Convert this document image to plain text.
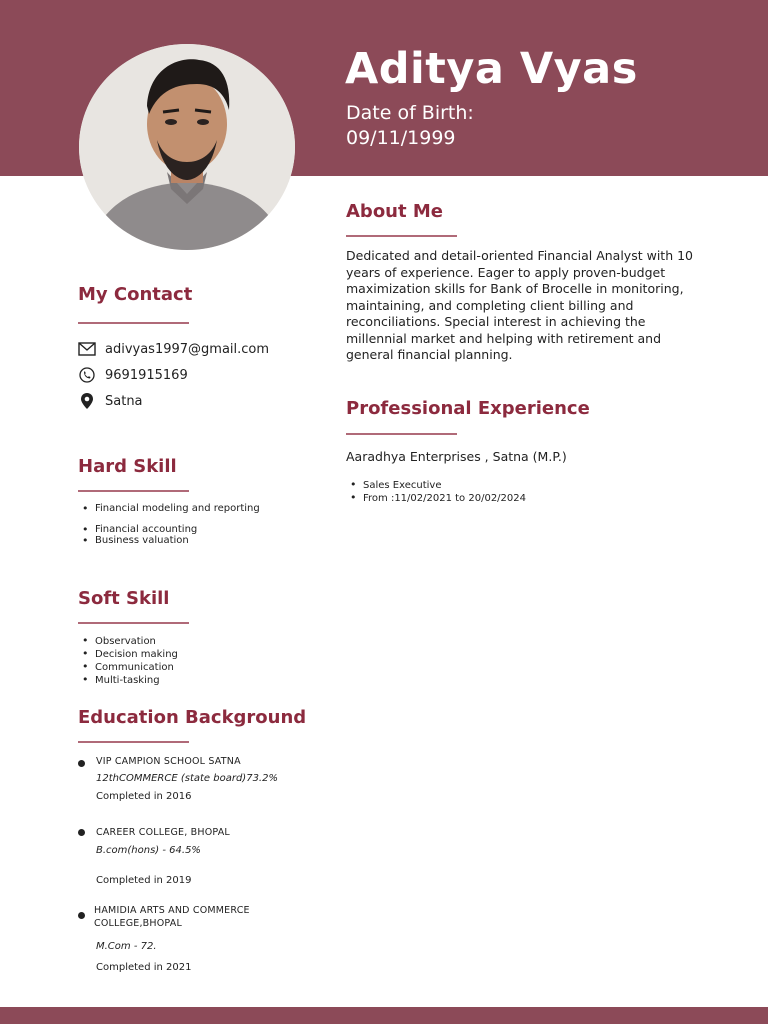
Aditya Vyas
Date of Birth:
09/11/1999
My Contact
adivyas1997@gmail.com
9691915169
Satna
Hard Skill
• Financial modeling and reporting
• Financial accounting
• Business valuation
Soft Skill
• Observation
• Decision making
• Communication
• Multi-tasking
Education Background
VIP CAMPION SCHOOL SATNA
12thCOMMERCE (state board)73.2%
Completed in 2016
CAREER COLLEGE, BHOPAL
B.com(hons) - 64.5%
Completed in 2019
HAMIDIA ARTS AND COMMERCE
COLLEGE,BHOPAL
M.Com - 72.
Completed in 2021
About Me
Dedicated and detail-oriented Financial Analyst with 10 years of experience. Eager to apply proven-budget maximization skills for Bank of Brocelle in monitoring, maintaining, and completing client billing and reconciliations. Special interest in achieving the millennial market and helping with retirement and general financial planning.
Professional Experience
Aaradhya Enterprises , Satna (M.P.)
• Sales Executive
• From :11/02/2021 to 20/02/2024
